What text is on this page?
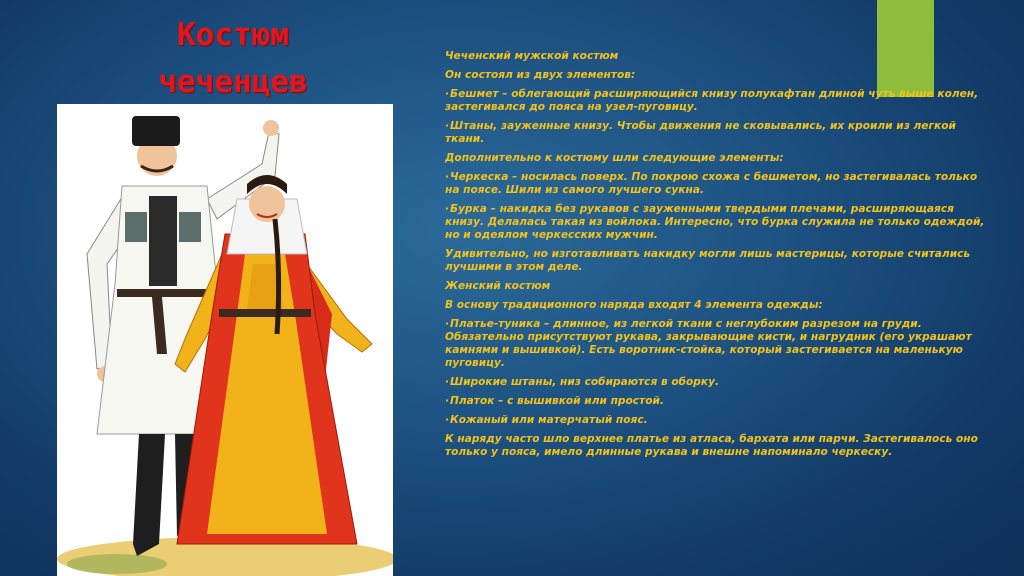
Костюм
чеченцев

Чеченский мужской костюм

Он состоял из двух элементов:

· Бешмет – облегающий расширяющийся книзу полукафтан длиной чуть выше колен, застегивался до пояса на узел-пуговицу.

· Штаны, зауженные книзу. Чтобы движения не сковывались, их кроили из легкой ткани.

Дополнительно к костюму шли следующие элементы:

· Черкеска – носилась поверх. По покрою схожа с бешметом, но застегивалась только на поясе. Шили из самого лучшего сукна.

· Бурка – накидка без рукавов с зауженными твердыми плечами, расширяющаяся книзу. Делалась такая из войлока. Интересно, что бурка служила не только одеждой, но и одеялом черкесских мужчин.

Удивительно, но изготавливать накидку могли лишь мастерицы, которые считались лучшими в этом деле.

Женский костюм

В основу традиционного наряда входят 4 элемента одежды:

· Платье-туника – длинное, из легкой ткани с неглубоким разрезом на груди. Обязательно присутствуют рукава, закрывающие кисти, и нагрудник (его украшают камнями и вышивкой). Есть воротник-стойка, который застегивается на маленькую пуговицу.

· Широкие штаны, низ собираются в оборку.

· Платок – с вышивкой или простой.

· Кожаный или матерчатый пояс.

К наряду часто шло верхнее платье из атласа, бархата или парчи. Застегивалось оно только у пояса, имело длинные рукава и внешне напоминало черкеску.
